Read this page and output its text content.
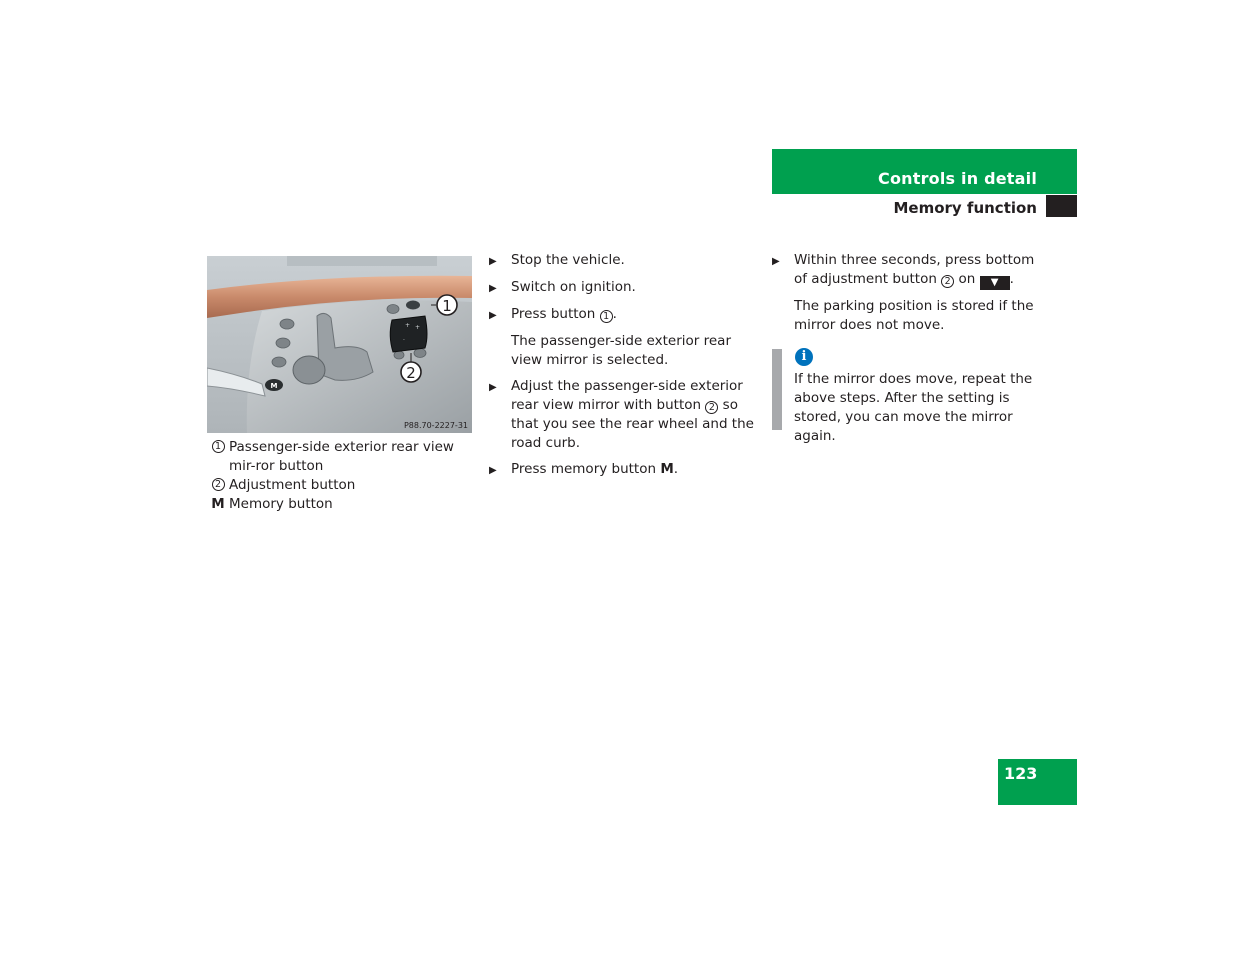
Controls in detail
Memory function
M
+ +
.
1
2
P88.70-2227-31
1 Passenger-side exterior rear view mir-ror button
2 Adjustment button
M Memory button
▶	Stop the vehicle.
▶	Switch on ignition.
▶	Press button 1 .
The passenger-side exterior rear view mirror is selected.
▶	Adjust the passenger-side exterior rear view mirror with button 2 so that you see the rear wheel and the road curb.
▶	Press memory button M.
▶	Within three seconds, press bottom of adjustment button 2 on ▼ .
The parking position is stored if the mirror does not move.
i
If the mirror does move, repeat the above steps. After the setting is stored, you can move the mirror again.
123
